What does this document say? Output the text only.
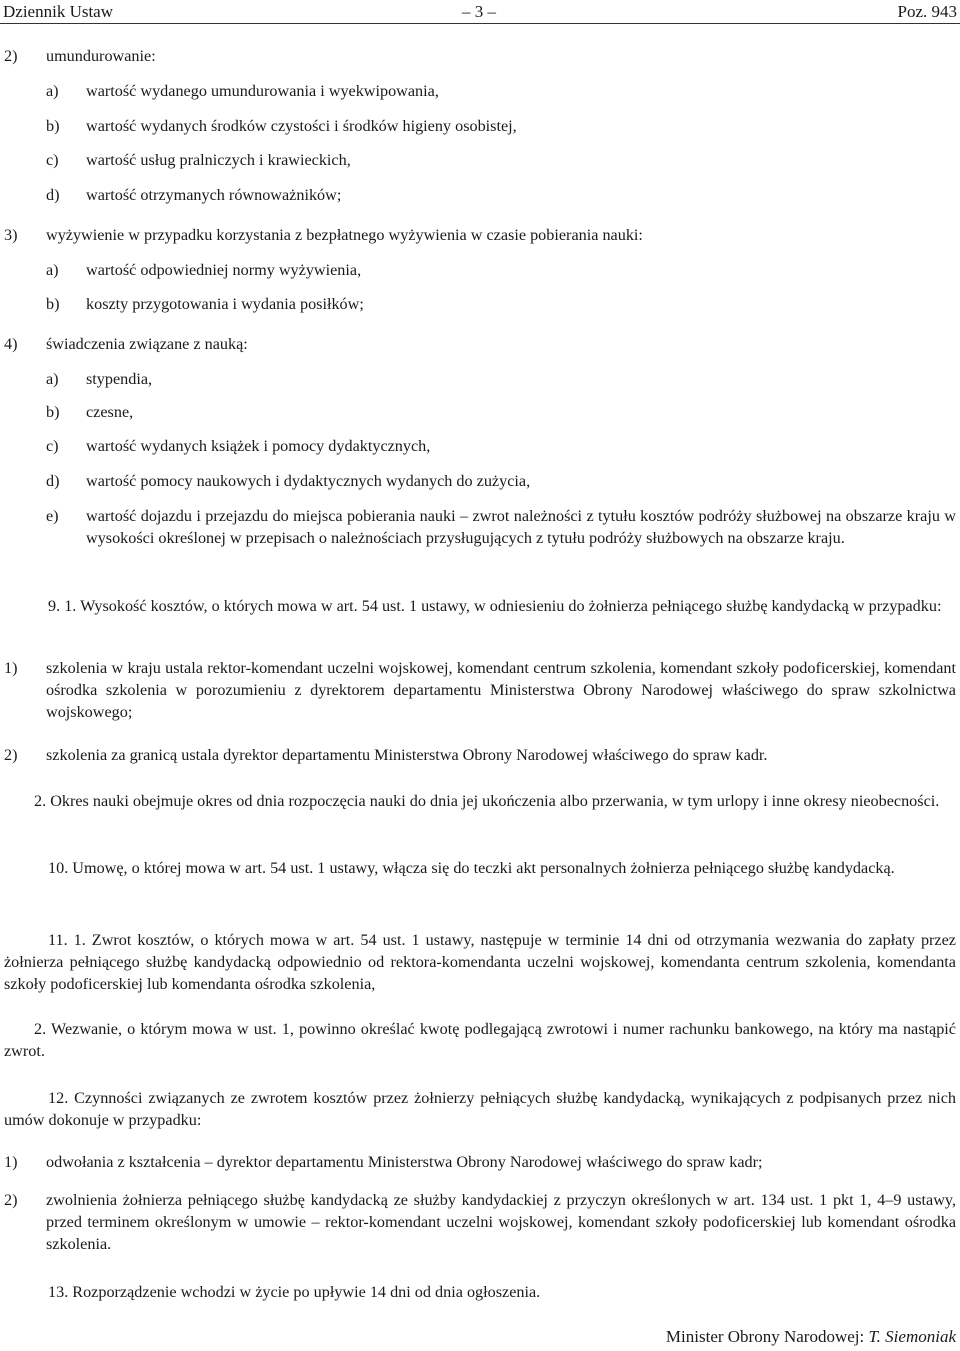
Dziennik Ustaw	– 3 –	Poz. 943
2) umundurowanie:
a) wartość wydanego umundurowania i wyekwipowania,
b) wartość wydanych środków czystości i środków higieny osobistej,
c) wartość usług pralniczych i krawieckich,
d) wartość otrzymanych równoważników;
3) wyżywienie w przypadku korzystania z bezpłatnego wyżywienia w czasie pobierania nauki:
a) wartość odpowiedniej normy wyżywienia,
b) koszty przygotowania i wydania posiłków;
4) świadczenia związane z nauką:
a) stypendia,
b) czesne,
c) wartość wydanych książek i pomocy dydaktycznych,
d) wartość pomocy naukowych i dydaktycznych wydanych do zużycia,
e) wartość dojazdu i przejazdu do miejsca pobierania nauki – zwrot należności z tytułu kosztów podróży służbowej na obszarze kraju w wysokości określonej w przepisach o należnościach przysługujących z tytułu podróży służbowych na obszarze kraju.
9. 1. Wysokość kosztów, o których mowa w art. 54 ust. 1 ustawy, w odniesieniu do żołnierza pełniącego służbę kandydacką w przypadku:
1) szkolenia w kraju ustala rektor-komendant uczelni wojskowej, komendant centrum szkolenia, komendant szkoły podoficerskiej, komendant ośrodka szkolenia w porozumieniu z dyrektorem departamentu Ministerstwa Obrony Narodowej właściwego do spraw szkolnictwa wojskowego;
2) szkolenia za granicą ustala dyrektor departamentu Ministerstwa Obrony Narodowej właściwego do spraw kadr.
2. Okres nauki obejmuje okres od dnia rozpoczęcia nauki do dnia jej ukończenia albo przerwania, w tym urlopy i inne okresy nieobecności.
10. Umowę, o której mowa w art. 54 ust. 1 ustawy, włącza się do teczki akt personalnych żołnierza pełniącego służbę kandydacką.
11. 1. Zwrot kosztów, o których mowa w art. 54 ust. 1 ustawy, następuje w terminie 14 dni od otrzymania wezwania do zapłaty przez żołnierza pełniącego służbę kandydacką odpowiednio od rektora-komendanta uczelni wojskowej, komendanta centrum szkolenia, komendanta szkoły podoficerskiej lub komendanta ośrodka szkolenia,
2. Wezwanie, o którym mowa w ust. 1, powinno określać kwotę podlegającą zwrotowi i numer rachunku bankowego, na który ma nastąpić zwrot.
12. Czynności związanych ze zwrotem kosztów przez żołnierzy pełniących służbę kandydacką, wynikających z podpisanych przez nich umów dokonuje w przypadku:
1) odwołania z kształcenia – dyrektor departamentu Ministerstwa Obrony Narodowej właściwego do spraw kadr;
2) zwolnienia żołnierza pełniącego służbę kandydacką ze służby kandydackiej z przyczyn określonych w art. 134 ust. 1 pkt 1, 4–9 ustawy, przed terminem określonym w umowie – rektor-komendant uczelni wojskowej, komendant szkoły podoficerskiej lub komendant ośrodka szkolenia.
13. Rozporządzenie wchodzi w życie po upływie 14 dni od dnia ogłoszenia.
Minister Obrony Narodowej: T. Siemoniak
